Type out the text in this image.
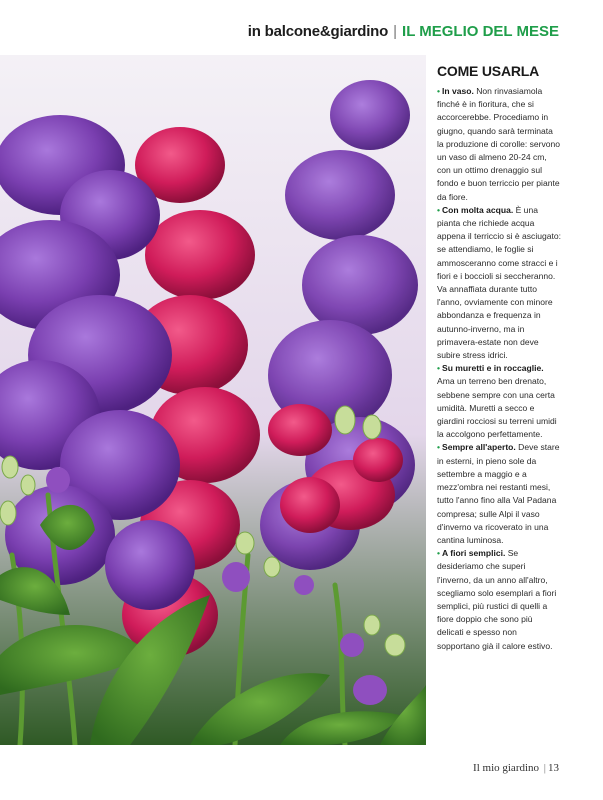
in balcone&giardino | IL MEGLIO DEL MESE
COME USARLA

• In vaso. Non rinvasiamola finché è in fioritura, che si accorcerebbe. Procediamo in giugno, quando sarà terminata la produzione di corolle: servono un vaso di almeno 20-24 cm, con un ottimo drenaggio sul fondo e buon terriccio per piante da fiore.

• Con molta acqua. È una pianta che richiede acqua appena il terriccio si è asciugato: se attendiamo, le foglie si ammosceranno come stracci e i fiori e i boccioli si seccheranno. Va annaffiata durante tutto l'anno, ovviamente con minore abbondanza e frequenza in autunno-inverno, ma in primavera-estate non deve subire stress idrici.

• Su muretti e in roccaglie. Ama un terreno ben drenato, sebbene sempre con una certa umidità. Muretti a secco e giardini rocciosi su terreni umidi la accolgono perfettamente.

• Sempre all'aperto. Deve stare in esterni, in pieno sole da settembre a maggio e a mezz'ombra nei restanti mesi, tutto l'anno fino alla Val Padana compresa; sulle Alpi il vaso d'inverno va ricoverato in una cantina luminosa.

• A fiori semplici. Se desideriamo che superi l'inverno, da un anno all'altro, scegliamo solo esemplari a fiori semplici, più rustici di quelli a fiore doppio che sono più delicati e spesso non sopportano già il calore estivo.

Il mio giardino | 13
